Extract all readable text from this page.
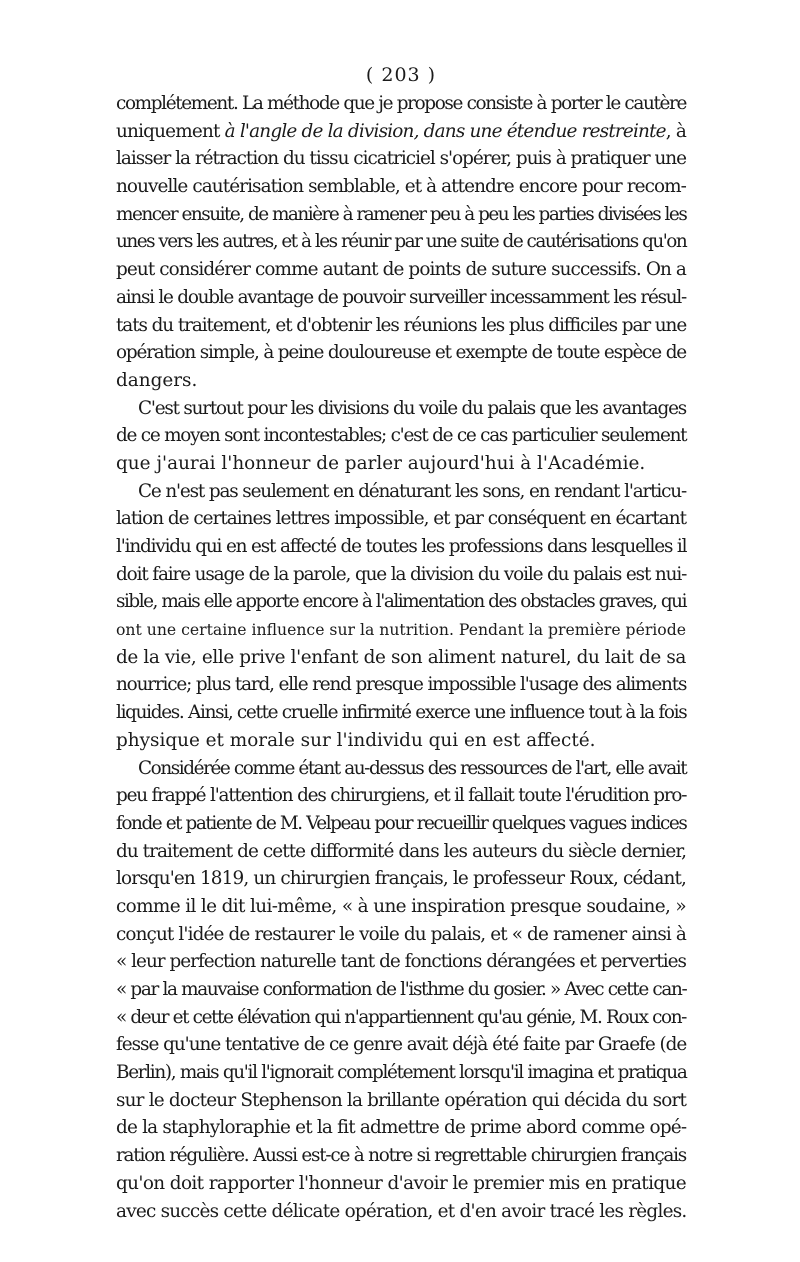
( 203 )
complétement. La méthode que je propose consiste à porter le cautère
uniquement à l'angle de la division, dans une étendue restreinte, à
laisser la rétraction du tissu cicatriciel s'opérer, puis à pratiquer une
nouvelle cautérisation semblable, et à attendre encore pour recom-
mencer ensuite, de manière à ramener peu à peu les parties divisées les
unes vers les autres, et à les réunir par une suite de cautérisations qu'on
peut considérer comme autant de points de suture successifs. On a
ainsi le double avantage de pouvoir surveiller incessamment les résul-
tats du traitement, et d'obtenir les réunions les plus difficiles par une
opération simple, à peine douloureuse et exempte de toute espèce de
dangers.
C'est surtout pour les divisions du voile du palais que les avantages
de ce moyen sont incontestables; c'est de ce cas particulier seulement
que j'aurai l'honneur de parler aujourd'hui à l'Académie.
Ce n'est pas seulement en dénaturant les sons, en rendant l'articu-
lation de certaines lettres impossible, et par conséquent en écartant
l'individu qui en est affecté de toutes les professions dans lesquelles il
doit faire usage de la parole, que la division du voile du palais est nui-
sible, mais elle apporte encore à l'alimentation des obstacles graves, qui
ont une certaine influence sur la nutrition. Pendant la première période
de la vie, elle prive l'enfant de son aliment naturel, du lait de sa
nourrice; plus tard, elle rend presque impossible l'usage des aliments
liquides. Ainsi, cette cruelle infirmité exerce une influence tout à la fois
physique et morale sur l'individu qui en est affecté.
Considérée comme étant au-dessus des ressources de l'art, elle avait
peu frappé l'attention des chirurgiens, et il fallait toute l'érudition pro-
fonde et patiente de M. Velpeau pour recueillir quelques vagues indices
du traitement de cette difformité dans les auteurs du siècle dernier,
lorsqu'en 1819, un chirurgien français, le professeur Roux, cédant,
comme il le dit lui-même, « à une inspiration presque soudaine, »
conçut l'idée de restaurer le voile du palais, et « de ramener ainsi à
« leur perfection naturelle tant de fonctions dérangées et perverties
« par la mauvaise conformation de l'isthme du gosier. » Avec cette can-
« deur et cette élévation qui n'appartiennent qu'au génie, M. Roux con-
fesse qu'une tentative de ce genre avait déjà été faite par Graefe (de
Berlin), mais qu'il l'ignorait complétement lorsqu'il imagina et pratiqua
sur le docteur Stephenson la brillante opération qui décida du sort
de la staphyloraphie et la fit admettre de prime abord comme opé-
ration régulière. Aussi est-ce à notre si regrettable chirurgien français
qu'on doit rapporter l'honneur d'avoir le premier mis en pratique
avec succès cette délicate opération, et d'en avoir tracé les règles.
